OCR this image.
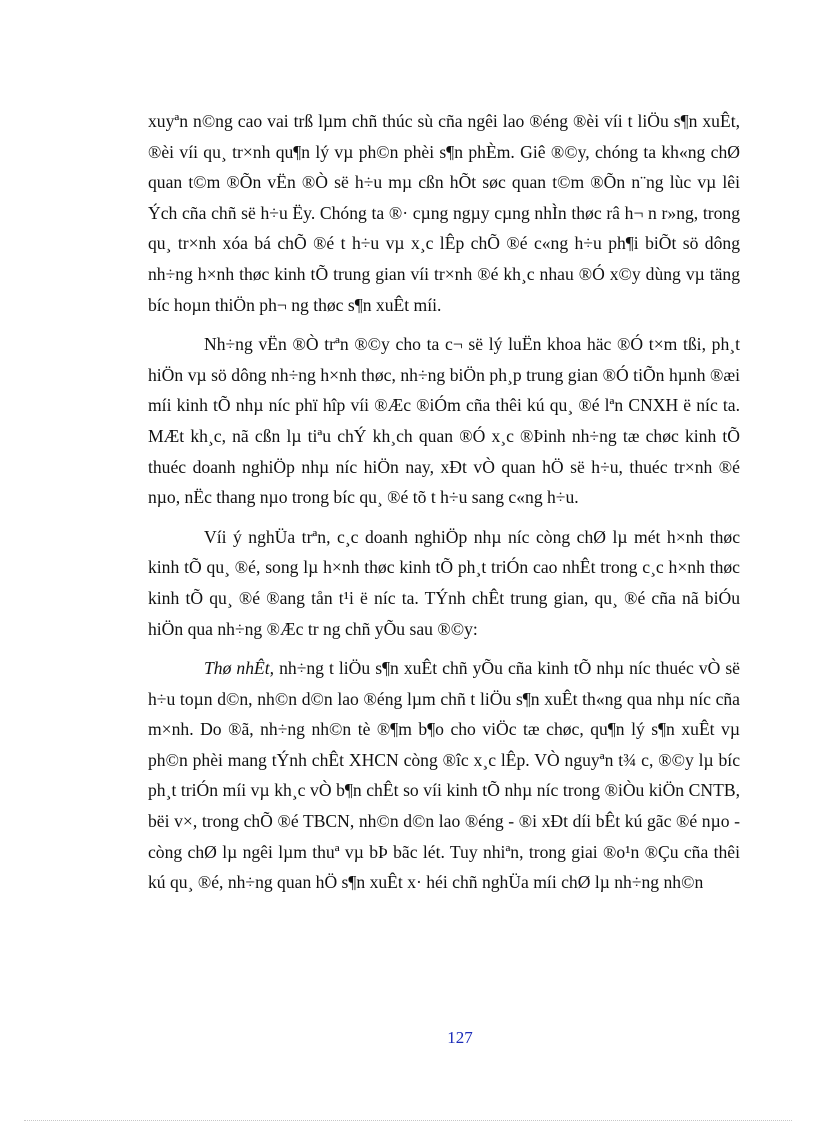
xuyªn n©ng cao vai trß lµm chñ thúc sù cña ngêi lao ®éng ®èi víi t liÖu s¶n xuÊt, ®èi víi qu¸ tr×nh qu¶n lý vµ ph©n phèi s¶n phÈm. Giê ®©y, chóng ta kh«ng chØ quan t©m ®Õn vËn ®Ò së h÷u mµ cßn hÕt søc quan t©m ®Õn n¨ng lùc vµ lêi Ých cña chñ së h÷u Ëy. Chóng ta ®· cµng ngµy cµng nhÌn thøc râ h¬ n r»ng, trong qu¸ tr×nh xóa bá chÕ ®é t h÷u vµ x¸c lÊp chÕ ®é c«ng h÷u ph¶i biÕt sö dông nh÷ng h×nh thøc kinh tÕ trung gian víi tr×nh ®é kh¸c nhau ®Ó x©y dùng vµ täng bíc hoµn thiÖn ph¬ ng thøc s¶n xuÊt míi.

Nh÷ng vËn ®Ò trªn ®©y cho ta c¬ së lý luËn khoa häc ®Ó t×m tßi, ph¸t hiÖn vµ sö dông nh÷ng h×nh thøc, nh÷ng biÖn ph¸p trung gian ®Ó tiÕn hµnh ®æi míi kinh tÕ nhµ níc phï hîp víi ®Æc ®iÓm cña thêi kú qu¸ ®é lªn CNXH ë níc ta. MÆt kh¸c, nã cßn lµ tiªu chÝ kh¸ch quan ®Ó x¸c ®Þinh nh÷ng tæ chøc kinh tÕ thuéc doanh nghiÖp nhµ níc hiÖn nay, xÐt vÒ quan hÖ së h÷u, thuéc tr×nh ®é nµo, nËc thang nµo trong bíc qu¸ ®é tõ t h÷u sang c«ng h÷u.

Víi ý nghÜa trªn, c¸c doanh nghiÖp nhµ níc còng chØ lµ mét h×nh thøc kinh tÕ qu¸ ®é, song lµ h×nh thøc kinh tÕ ph¸t triÓn cao nhÊt trong c¸c h×nh thøc kinh tÕ qu¸ ®é ®ang tån t¹i ë níc ta. TÝnh chÊt trung gian, qu¸ ®é cña nã biÓu hiÖn qua nh÷ng ®Æc tr ng chñ yÕu sau ®©y:

Thø nhÊt, nh÷ng t liÖu s¶n xuÊt chñ yÕu cña kinh tÕ nhµ níc thuéc vÒ së h÷u toµn d©n, nh©n d©n lao ®éng lµm chñ t liÖu s¶n xuÊt th«ng qua nhµ níc cña m×nh. Do ®ã, nh÷ng nh©n tè ®¶m b¶o cho viÖc tæ chøc, qu¶n lý s¶n xuÊt vµ ph©n phèi mang tÝnh chÊt XHCN còng ®îc x¸c lÊp. VÒ nguyªn t¾ c, ®©y lµ bíc ph¸t triÓn míi vµ kh¸c vÒ b¶n chÊt so víi kinh tÕ nhµ níc trong ®iÒu kiÖn CNTB, bëi v×, trong chÕ ®é TBCN, nh©n d©n lao ®éng - ®i xÐt díi bÊt kú gãc ®é nµo - còng chØ lµ ngêi lµm thuª vµ bÞ bãc lét. Tuy nhiªn, trong giai ®o¹n ®Çu cña thêi kú qu¸ ®é, nh÷ng quan hÖ s¶n xuÊt x· héi chñ nghÜa míi chØ lµ nh÷ng nh©n

127
